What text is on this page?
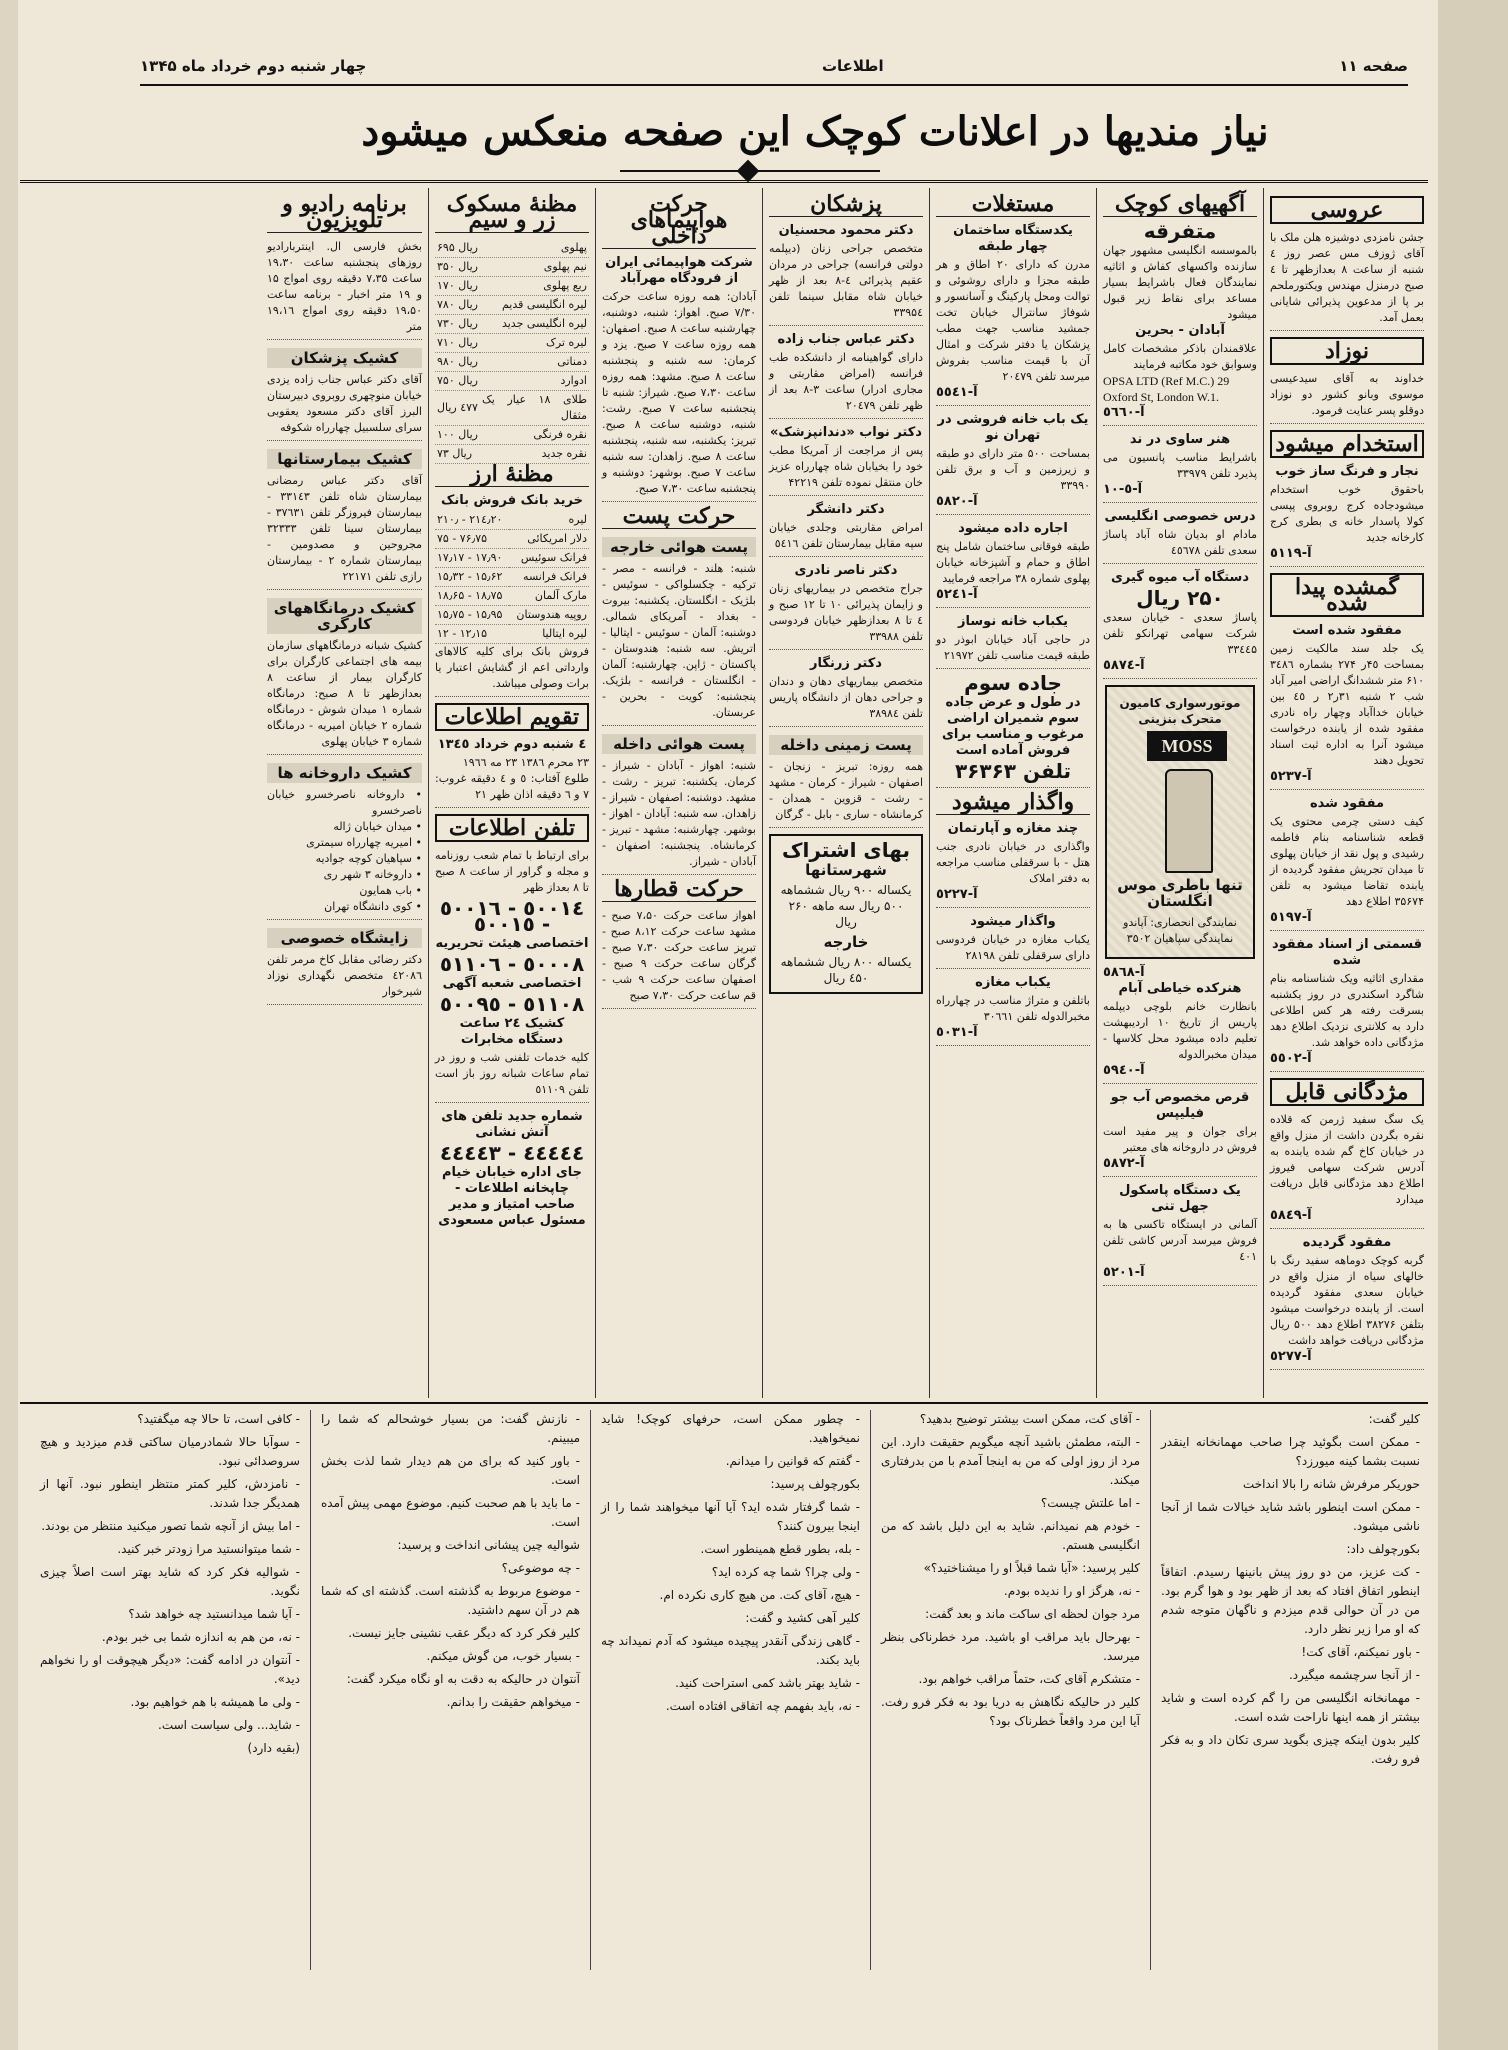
صفحه ۱۱
اطلاعات
چهار شنبه دوم خرداد ماه ۱۳۴۵
نیاز مندیها در اعلانات کوچک این صفحه منعکس میشود
عروسی
جشن نامزدی دوشیزه هلن ملک با آقای ژوزف مس عصر روز ٤ شنبه از ساعت ۸ بعدازظهر تا ٤ صبح درمنزل مهندس ویکتورملحم بر پا از مدعوین پذیرائی شایانی بعمل آمد.
نوزاد
خداوند به آقای سیدعیسی موسوی وبانو کشور دو نوزاد دوقلو پسر عنایت فرمود.
استخدام میشود
نجار و فرنگ ساز خوب
باحقوق خوب استخدام میشودجاده کرج روبروی پپسی کولا پاسدار خانه ی بطری کرج کارخانه جدید
آ-٥١١٩
گمشده پیدا شده
مفقود شده است
یک جلد سند مالکیت زمین بمساحت ۴٥ر ۲۷۴ بشماره ۳٤۸٦ ۶۱۰ متر ششدانگ اراضی امیر آباد شب ۲ شنبه ۳۱ر۲ ر ٤٥ بین خیابان خداآباد وچهار راه نادری مفقود شده از یابنده درخواست میشود آنرا به اداره ثبت اسناد تحویل دهند
آ-٥٢٣٧
مفقود شده
کیف دستی چرمی محتوی یک قطعه شناسنامه بنام فاطمه رشیدی و پول نقد از خیابان پهلوی تا میدان تجریش مفقود گردیده از یابنده تقاضا میشود به تلفن ۳۵۶۷۴ اطلاع دهد
آ-٥١٩٧
قسمتی از اسناد مفقود شده
مقداری اثاثیه ویک شناسنامه بنام شاگرد اسکندری در روز یکشنبه بسرقت رفته هر کس اطلاعی دارد به کلانتری نزدیک اطلاع دهد مژدگانی داده خواهد شد.
آ-٥٥٠٢
مژدگانی قابل
یک سگ سفید ژرمن که قلاده نقره بگردن داشت از منزل واقع در خیابان کاخ گم شده یابنده به آدرس شرکت سهامی فیروز اطلاع دهد مژدگانی قابل دریافت میدارد
آ-٥٨٤٩
مفقود گردیده
گربه کوچک دوماهه سفید رنگ با خالهای سیاه از منزل واقع در خیابان سعدی مفقود گردیده است. از یابنده درخواست میشود بتلفن ۳۸۲۷۶ اطلاع دهد ۵۰۰ ریال مژدگانی دریافت خواهد داشت
آ-٥٢٧٧
آگهیهای کوچک
متفرقه
بالموسسه انگلیسی مشهور جهان سازنده واکسهای کفاش و اثاثیه نمایندگان فعال باشرایط بسیار مساعد برای نقاط زیر قبول میشود
آبادان - بحرین
علاقمندان باذکر مشخصات کامل وسوابق خود مکاتبه فرمایند
OPSA LTD (Ref M.C.) 29 Oxford St, London W.1.
آ-٥٦٦٠
هنر ساوی در ند
باشرایط مناسب پانسیون می پذیرد تلفن ۳۳۹۷۹
آ-٥-١٠
درس خصوصی انگلیسی
مادام او بدیان شاه آباد پاساژ سعدی تلفن ٤٥٦٧٨
دستگاه آب میوه گیری
۲۵۰ ریال
پاساژ سعدی - خیابان سعدی شرکت سهامی تهرانکو تلفن ۳۳٤٤۵
آ-٥٨٧٤
موتورسواری کامیون متحرک بنزینی
MOSS
تنها باطری موس انگلستان
نمایندگی انحصاری: آپاندو نمایندگی سپاهیان ۳۵۰۲
آ-٥٨٦٨
هنرکده خیاطی آبام
بانظارت خانم بلوچی دیپلمه پاریس از تاریخ ۱۰ اردیبهشت تعلیم داده میشود محل کلاسها - میدان مخبرالدوله
آ-٥٩٤٠
قرص مخصوص آب جو فیلیپس
برای جوان و پیر مفید است فروش در داروخانه های معتبر
آ-٥٨٧٢
یک دستگاه پاسکول جهل تنی
آلمانی در ایستگاه تاکسی ها به فروش میرسد آدرس کاشی تلفن ٤٠١
آ-٥٢٠١
مستغلات
یکدستگاه ساختمان چهار طبقه
مدرن که دارای ۲۰ اطاق و هر طبقه مجزا و دارای روشوئی و توالت ومحل پارکینگ و آسانسور و شوفاژ سانترال خیابان تخت جمشید مناسب جهت مطب پزشکان یا دفتر شرکت و امثال آن با قیمت مناسب بفروش میرسد تلفن ۲۰٤۷۹
آ-٥٥٤١
یک باب خانه فروشی در تهران نو
بمساحت ۵۰۰ متر دارای دو طبقه و زیرزمین و آب و برق تلفن ۳۳۹۹۰
آ-٥٨٢٠
اجاره داده میشود
طبقه فوقانی ساختمان شامل پنج اطاق و حمام و آشپزخانه خیابان پهلوی شماره ۳۸ مراجعه فرمایید
آ-٥٢٤١
یکباب خانه نوساز
در حاجی آباد خیابان ابوذر دو طبقه قیمت مناسب تلفن ۲۱۹۷۲
جاده سوم
در طول و عرض جاده سوم شمیران اراضی مرغوب و مناسب برای فروش آماده است
تلفن ۳۶۳۶۳
واگذار میشود
چند مغازه و آپارتمان
واگذاری در خیابان نادری جنب هتل - با سرقفلی مناسب مراجعه به دفتر املاک
آ-٥٢۲۷
واگذار میشود
یکباب مغازه در خیابان فردوسی دارای سرقفلی تلفن ۲۸۱۹۸
یکباب مغازه
باتلفن و متراژ مناسب در چهارراه مخبرالدوله تلفن ۳۰٦٦۱
آ-٥٠٣١
پزشکان
دکتر محمود محسنیان
متخصص جراحی زنان (دیپلمه دولتی فرانسه) جراحی در مردان عقیم پذیرائی ٤-۸ بعد از ظهر خیابان شاه مقابل سینما تلفن ۳۳۹۵٤
دکتر عباس جناب زاده
دارای گواهینامه از دانشکده طب فرانسه (امراض مقاربتی و مجاری ادرار) ساعت ۳-۸ بعد از ظهر تلفن ۲۰٤۷۹
دکتر نواب «دندانپزشک»
پس از مراجعت از آمریکا مطب خود را بخیابان شاه چهارراه عزیز خان منتقل نموده تلفن ۴۲۲۱۹
دکتر دانشگر
امراض مقاربتی وجلدی خیابان سپه مقابل بیمارستان تلفن ٥٤١٦
دکتر ناصر نادری
جراح متخصص در بیماریهای زنان و زایمان پذیرائی ۱۰ تا ۱۲ صبح و ٤ تا ۸ بعدازظهر خیابان فردوسی تلفن ۳۳۹۸۸
دکتر زرنگار
متخصص بیماریهای دهان و دندان و جراحی دهان از دانشگاه پاریس تلفن ۳۸۹۸٤
پست زمینی داخله
همه روزه: تبریز - زنجان - اصفهان - شیراز - کرمان - مشهد - رشت - قزوین - همدان - کرمانشاه - ساری - بابل - گرگان
بهای اشتراک
شهرستانها
یکساله ۹۰۰ ریال ششماهه ۵۰۰ ریال سه ماهه ۲۶۰ ریال
خارجه
یکساله ۸۰۰ ریال ششماهه ٤۵۰ ریال
حرکت هواپیماهای داخلی
شرکت هواپیمائی ایران از فرودگاه مهرآباد
آبادان: همه روزه ساعت حرکت ۷/۳۰ صبح. اهواز: شنبه، دوشنبه، چهارشنبه ساعت ۸ صبح. اصفهان: همه روزه ساعت ۷ صبح. یزد و کرمان: سه شنبه و پنجشنبه ساعت ۸ صبح. مشهد: همه روزه ساعت ۷،۳۰ صبح. شیراز: شنبه تا پنجشنبه ساعت ۷ صبح. رشت: شنبه، دوشنبه ساعت ۸ صبح. تبریز: یکشنبه، سه شنبه، پنجشنبه ساعت ۸ صبح. زاهدان: سه شنبه ساعت ۷ صبح. بوشهر: دوشنبه و پنجشنبه ساعت ۷،۳۰ صبح.
حرکت پست
پست هوائی خارجه
شنبه: هلند - فرانسه - مصر - ترکیه - چکسلواکی - سوئیس - بلژیک - انگلستان. یکشنبه: بیروت - بغداد - آمریکای شمالی. دوشنبه: آلمان - سوئیس - ایتالیا - اتریش. سه شنبه: هندوستان - پاکستان - ژاپن. چهارشنبه: آلمان - انگلستان - فرانسه - بلژیک. پنجشنبه: کویت - بحرین - عربستان.
پست هوائی داخله
شنبه: اهواز - آبادان - شیراز - کرمان. یکشنبه: تبریز - رشت - مشهد. دوشنبه: اصفهان - شیراز - زاهدان. سه شنبه: آبادان - اهواز - بوشهر. چهارشنبه: مشهد - تبریز - کرمانشاه. پنجشنبه: اصفهان - آبادان - شیراز.
حرکت قطارها
اهواز ساعت حرکت ۷،۵۰ صبح - مشهد ساعت حرکت ۸،۱۲ صبح - تبریز ساعت حرکت ۷،۳۰ صبح - گرگان ساعت حرکت ۹ صبح - اصفهان ساعت حرکت ۹ شب - قم ساعت حرکت ۷،۳۰ صبح
مظنهٔ مسکوک زر و سیم
پهلوی	۶۹۵ ریال
نیم پهلوی	۳۵۰ ریال
ربع پهلوی	۱۷۰ ریال
لیره انگلیسی قدیم	۷۸۰ ریال
لیره انگلیسی جدید	۷۳۰ ریال
لیره ترک	۷۱۰ ریال
دمناتی	۹۸۰ ریال
ادوارد	۷۵۰ ریال
طلای ۱۸ عیار یک مثقال	٤٧٧ ریال
نقره فرنگی	۱۰۰ ریال
نقره جدید	۷۳ ریال
مظنهٔ ارز
خرید بانک فروش بانک
لیره	۲۱۰٫ - ۲۱٤٫۲۰
دلار امریکائی	۷۵ - ۷۶٫۷۵
فرانک سوئیس	۱۷٫۱۷ - ۱۷٫۹۰
فرانک فرانسه	۱۵٫۳۲ - ۱۵٫۶۲
مارک آلمان	۱۸٫۶۵ - ۱۸٫۷۵
روپیه هندوستان	۱۵٫۷۵ - ۱۵٫۹۵
لیره ایتالیا	۱۲ - ۱۲٫۱۵
فروش بانک برای کلیه کالاهای وارداتی اعم از گشایش اعتبار یا برات وصولی میباشد.
تقویم اطلاعات
٤ شنبه دوم خرداد ۱۳٤٥
۲۳ محرم ۱۳۸٦ ۲۳ مه ۱۹٦٦
طلوع آفتاب: ٥ و ٤ دقیقه غروب: ۷ و ٦ دقیقه اذان ظهر ۲۱
تلفن اطلاعات
برای ارتباط با تمام شعب روزنامه و مجله و گراور از ساعت ۸ صبح تا ۸ بعداز ظهر
٥٠٠١٤ - ٥٠٠١٦ - ٥٠٠١٥
اختصاصی هیئت تحریریه
٥٠٠٠٨ - ٥١١٠٦
اختصاصی شعبه آگهی
٥١١٠٨ - ٥٠٠٩٥
کشیک ۲٤ ساعت دستگاه مخابرات
کلیه خدمات تلفنی شب و روز در تمام ساعات شبانه روز باز است تلفن ٥١١٠٩
شماره جدید تلفن های آتش نشانی
٤٤٤٤٤ - ٤٤٤٤٣
جای اداره خیابان خیام چاپخانه اطلاعات - صاحب امتیاز و مدیر مسئول عباس مسعودی
برنامه رادیو و تلویزیون
بخش فارسی ال. اینتربارادیو روزهای پنجشنبه ساعت ۱۹،۳۰ ساعت ۷،۳۵ دقیقه روی امواج ۱۵ و ۱۹ متر اخبار - برنامه ساعت ۱۹،۵۰ دقیقه روی امواج ۱۹،۱٦ متر
کشیک پزشکان
آقای دکتر عباس جناب زاده یزدی خیابان منوچهری روبروی دبیرستان البرز آقای دکتر مسعود یعقوبی سرای سلسبیل چهارراه شکوفه
کشیک بیمارستانها
آقای دکتر عباس رمضانی بیمارستان شاه تلفن ۳۳۱٤۳ - بیمارستان فیروزگر تلفن ۳۷٦۳۱ - بیمارستان سینا تلفن ۳۲۳۳۳ مجروحین و مصدومین - بیمارستان شماره ۲ - بیمارستان رازی تلفن ۲۲۱۷۱
کشیک درمانگاههای کارگری
کشیک شبانه درمانگاههای سازمان بیمه های اجتماعی کارگران برای کارگران بیمار از ساعت ۸ بعدازظهر تا ۸ صبح: درمانگاه شماره ۱ میدان شوش - درمانگاه شماره ۲ خیابان امیریه - درمانگاه شماره ۳ خیابان پهلوی
کشیک داروخانه ها
• داروخانه ناصرخسرو خیابان ناصرخسرو
• میدان خیابان ژاله
• امیریه چهارراه سیمتری
• سپاهیان کوچه جوادیه
• داروخانه ٣ شهر ری
• باب همایون
• کوی دانشگاه تهران
زایشگاه خصوصی
دکتر رضائی مقابل کاخ مرمر تلفن ٤۲۰۸٦ متخصص نگهداری نوزاد شیرخوار

کلیر گفت:

- ممکن است بگوئید چرا صاحب مهمانخانه اینقدر نسبت بشما کینه میورزد؟

حوریکر مرفرش شانه را بالا انداخت

- ممکن است اینطور باشد شاید خیالات شما از آنجا ناشی میشود.

بکورچولف داد:

- کت عزیز، من دو روز پیش بانینها رسیدم. اتفاقاً اینطور اتفاق افتاد که بعد از ظهر بود و هوا گرم بود. من در آن حوالی قدم میزدم و ناگهان متوجه شدم که او مرا زیر نظر دارد.

- باور نمیکنم، آقای کت!

- از آنجا سرچشمه میگیرد.

- مهمانخانه انگلیسی من را گم کرده است و شاید بیشتر از همه اینها ناراحت شده است.

کلیر بدون اینکه چیزی بگوید سری تکان داد و به فکر فرو رفت.

- آقای کت، ممکن است بیشتر توضیح بدهید؟

- البته، مطمئن باشید آنچه میگویم حقیقت دارد. این مرد از روز اولی که من به اینجا آمدم با من بدرفتاری میکند.

- اما علتش چیست؟

- خودم هم نمیدانم. شاید به این دلیل باشد که من انگلیسی هستم.

کلیر پرسید: «آیا شما قبلاً او را میشناختید؟»

- نه، هرگز او را ندیده بودم.

مرد جوان لحظه ای ساکت ماند و بعد گفت:

- بهرحال باید مراقب او باشید. مرد خطرناکی بنظر میرسد.

- متشکرم آقای کت، حتماً مراقب خواهم بود.

کلیر در حالیکه نگاهش به دریا بود به فکر فرو رفت. آیا این مرد واقعاً خطرناک بود؟

- چطور ممکن است، حرفهای کوچک! شاید نمیخواهید.

- گفتم که قوانین را میدانم.

بکورچولف پرسید:

- شما گرفتار شده اید؟ آیا آنها میخواهند شما را از اینجا بیرون کنند؟

- بله، بطور قطع همینطور است.

- ولی چرا؟ شما چه کرده اید؟

- هیچ، آقای کت. من هیچ کاری نکرده ام.

کلیر آهی کشید و گفت:

- گاهی زندگی آنقدر پیچیده میشود که آدم نمیداند چه باید بکند.

- شاید بهتر باشد کمی استراحت کنید.

- نه، باید بفهمم چه اتفاقی افتاده است.

- نازنش گفت: من بسیار خوشحالم که شما را میبینم.

- باور کنید که برای من هم دیدار شما لذت بخش است.

- ما باید با هم صحبت کنیم. موضوع مهمی پیش آمده است.

شوالیه چین پیشانی انداخت و پرسید:

- چه موضوعی؟

- موضوع مربوط به گذشته است. گذشته ای که شما هم در آن سهم داشتید.

کلیر فکر کرد که دیگر عقب نشینی جایز نیست.

- بسیار خوب، من گوش میکنم.

آنتوان در حالیکه به دقت به او نگاه میکرد گفت:

- میخواهم حقیقت را بدانم.

- کافی است، تا حالا چه میگفتید؟

- سوآبا حالا شمادرمیان ساکتی قدم میزدید و هیچ سروصدائی نبود.

- نامزدش، کلیر کمتر منتظر اینطور نبود. آنها از همدیگر جدا شدند.

- اما بیش از آنچه شما تصور میکنید منتظر من بودند.

- شما میتوانستید مرا زودتر خبر کنید.

- شوالیه فکر کرد که شاید بهتر است اصلاً چیزی نگوید.

- آیا شما میدانستید چه خواهد شد؟

- نه، من هم به اندازه شما بی خبر بودم.

- آنتوان در ادامه گفت: «دیگر هیچوقت او را نخواهم دید».

- ولی ما همیشه با هم خواهیم بود.

- شاید... ولی سیاست است.

(بقیه دارد)
